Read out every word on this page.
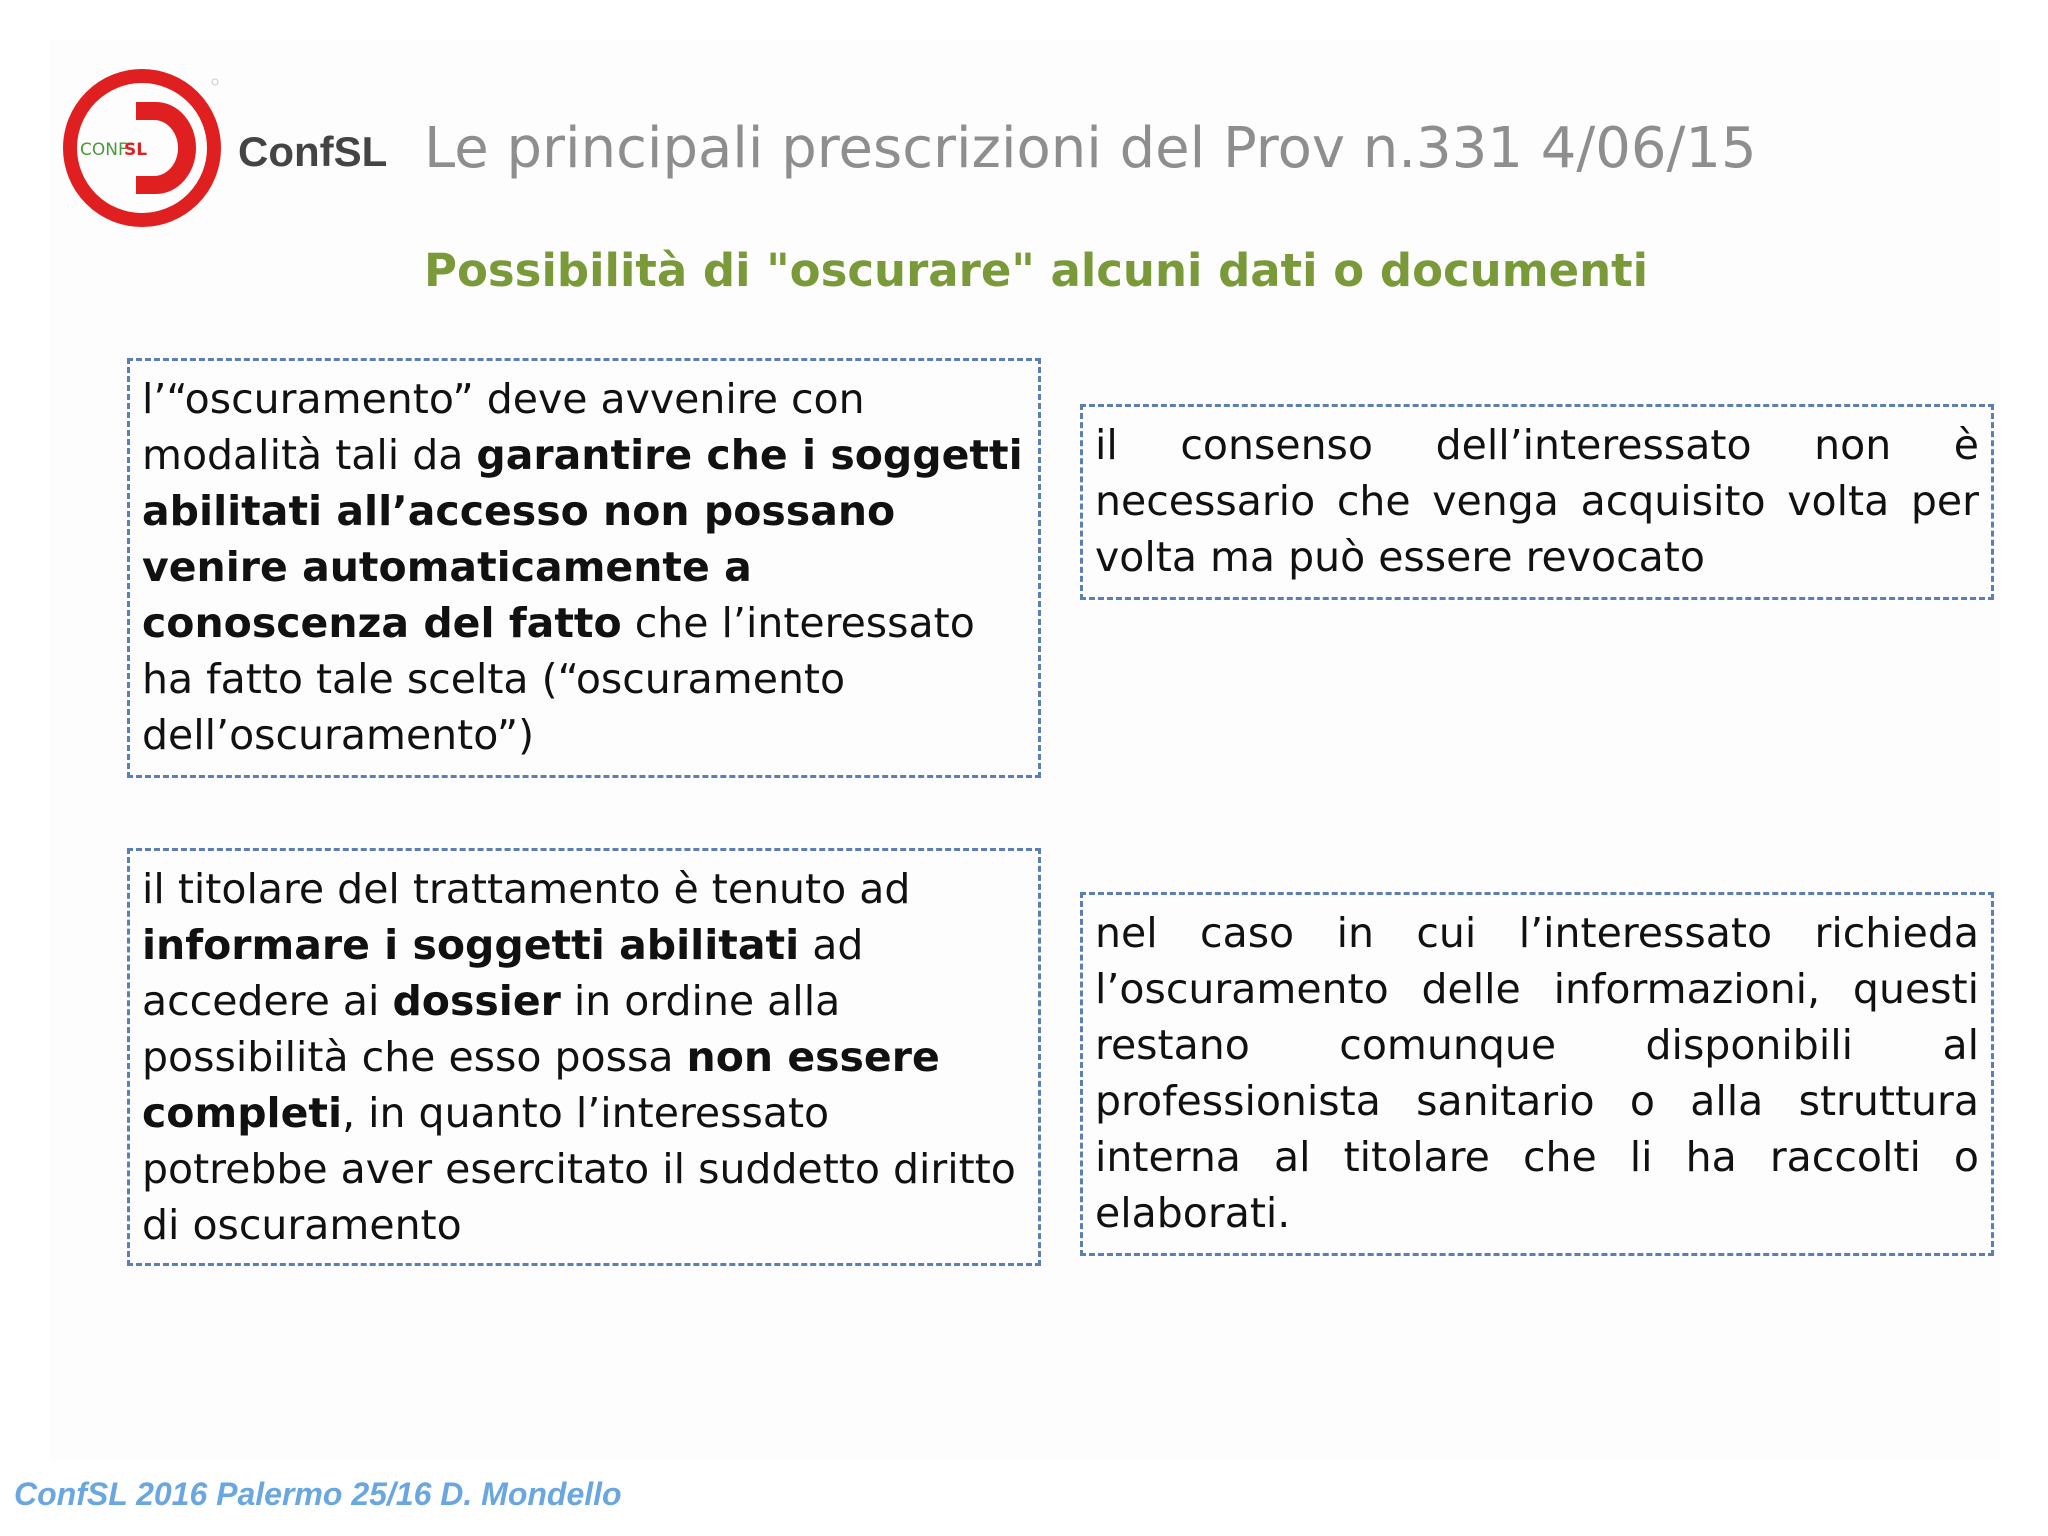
CONF
SL ConfSL Le principali prescrizioni del Prov n.331 4/06/15
Possibilità di "oscurare" alcuni dati o documenti
l’“oscuramento” deve avvenire con modalità tali da garantire che i soggetti abilitati all’accesso non possano venire automaticamente a conoscenza del fatto che l’interessato ha fatto tale scelta (“oscuramento dell’oscuramento”)
il consenso dell’interessato non è necessario che venga acquisito volta per volta ma può essere revocato
il titolare del trattamento è tenuto ad informare i soggetti abilitati ad accedere ai dossier in ordine alla possibilità che esso possa non essere completi, in quanto l’interessato potrebbe aver esercitato il suddetto diritto di oscuramento
nel caso in cui l’interessato richieda l’oscuramento delle informazioni, questi restano comunque disponibili al professionista sanitario o alla struttura interna al titolare che li ha raccolti o elaborati.
ConfSL 2016 Palermo 25/16 D. Mondello
